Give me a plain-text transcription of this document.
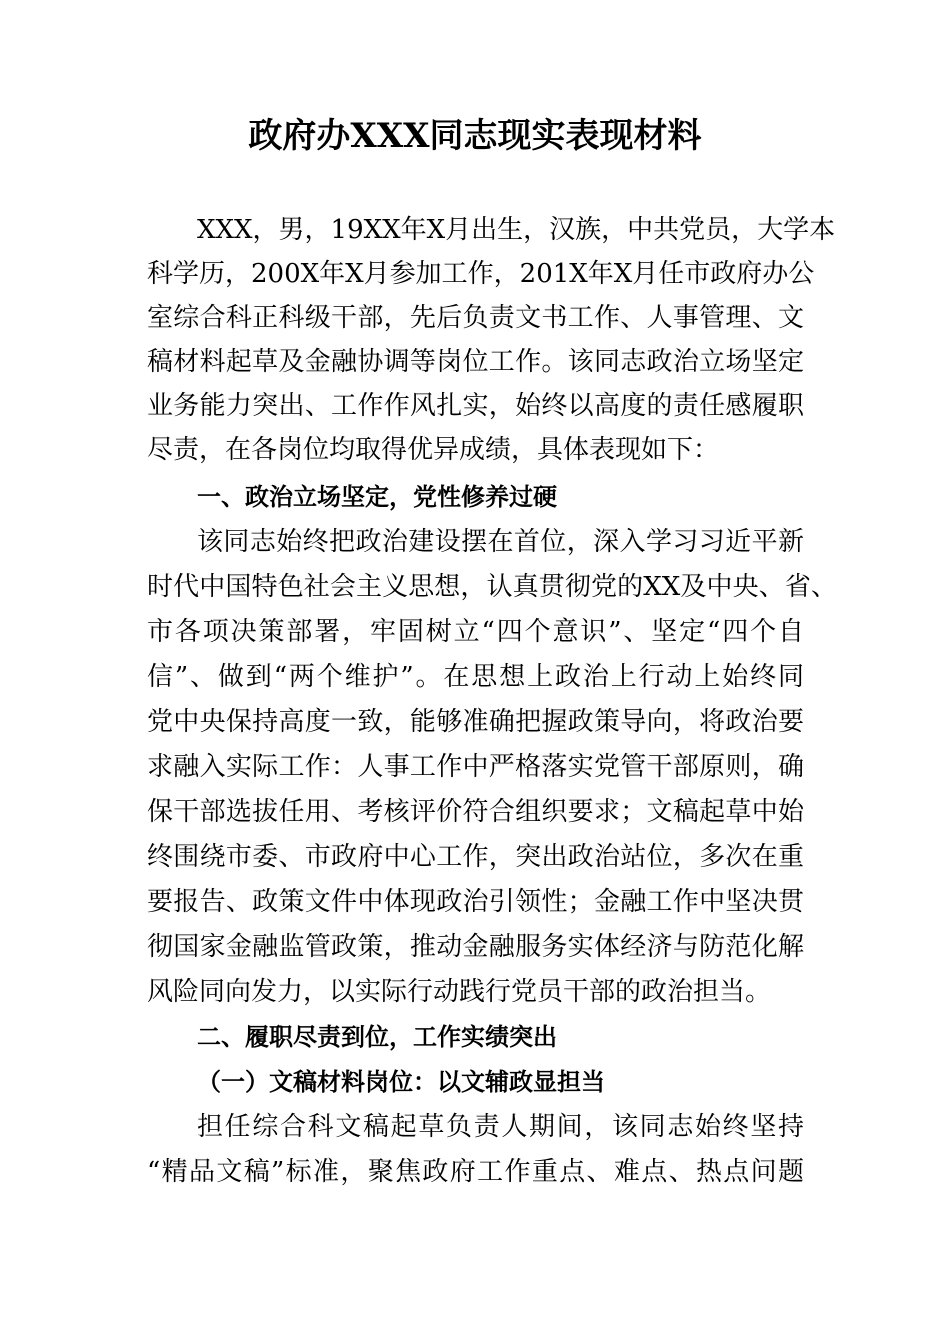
政府办XXX同志现实表现材料
XXX，男，19XX年X月出生，汉族，中共党员，大学本
科学历，200X年X月参加工作，201X年X月任市政府办公
室综合科正科级干部，先后负责文书工作、人事管理、文
稿材料起草及金融协调等岗位工作。该同志政治立场坚定
业务能力突出、工作作风扎实，始终以高度的责任感履职
尽责，在各岗位均取得优异成绩，具体表现如下：
一、政治立场坚定，党性修养过硬
该同志始终把政治建设摆在首位，深入学习习近平新
时代中国特色社会主义思想，认真贯彻党的XX及中央、省、
市各项决策部署，牢固树立“四个意识”、坚定“四个自
信”、做到“两个维护”。在思想上政治上行动上始终同
党中央保持高度一致，能够准确把握政策导向，将政治要
求融入实际工作：人事工作中严格落实党管干部原则，确
保干部选拔任用、考核评价符合组织要求；文稿起草中始
终围绕市委、市政府中心工作，突出政治站位，多次在重
要报告、政策文件中体现政治引领性；金融工作中坚决贯
彻国家金融监管政策，推动金融服务实体经济与防范化解
风险同向发力，以实际行动践行党员干部的政治担当。
二、履职尽责到位，工作实绩突出
（一）文稿材料岗位：以文辅政显担当
担任综合科文稿起草负责人期间，该同志始终坚持
“精品文稿”标准，聚焦政府工作重点、难点、热点问题
